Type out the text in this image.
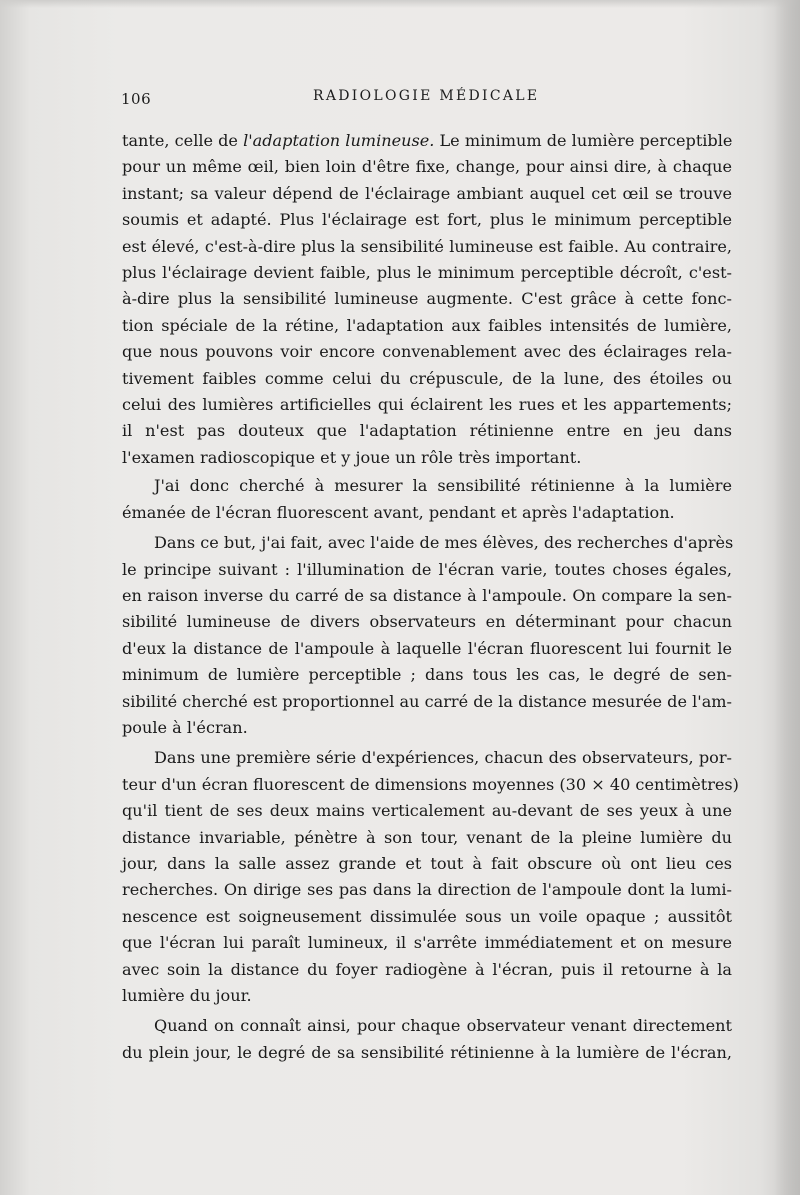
106	RADIOLOGIE MÉDICALE

tante, celle de l'adaptation lumineuse. Le minimum de lumière perceptible
pour un même œil, bien loin d'être fixe, change, pour ainsi dire, à chaque
instant; sa valeur dépend de l'éclairage ambiant auquel cet œil se trouve
soumis et adapté. Plus l'éclairage est fort, plus le minimum perceptible
est élevé, c'est-à-dire plus la sensibilité lumineuse est faible. Au contraire,
plus l'éclairage devient faible, plus le minimum perceptible décroît, c'est-
à-dire plus la sensibilité lumineuse augmente. C'est grâce à cette fonc-
tion spéciale de la rétine, l'adaptation aux faibles intensités de lumière,
que nous pouvons voir encore convenablement avec des éclairages rela-
tivement faibles comme celui du crépuscule, de la lune, des étoiles ou
celui des lumières artificielles qui éclairent les rues et les appartements;
il n'est pas douteux que l'adaptation rétinienne entre en jeu dans
l'examen radioscopique et y joue un rôle très important.

J'ai donc cherché à mesurer la sensibilité rétinienne à la lumière
émanée de l'écran fluorescent avant, pendant et après l'adaptation.

Dans ce but, j'ai fait, avec l'aide de mes élèves, des recherches d'après
le principe suivant : l'illumination de l'écran varie, toutes choses égales,
en raison inverse du carré de sa distance à l'ampoule. On compare la sen-
sibilité lumineuse de divers observateurs en déterminant pour chacun
d'eux la distance de l'ampoule à laquelle l'écran fluorescent lui fournit le
minimum de lumière perceptible ; dans tous les cas, le degré de sen-
sibilité cherché est proportionnel au carré de la distance mesurée de l'am-
poule à l'écran.

Dans une première série d'expériences, chacun des observateurs, por-
teur d'un écran fluorescent de dimensions moyennes (30 × 40 centimètres)
qu'il tient de ses deux mains verticalement au-devant de ses yeux à une
distance invariable, pénètre à son tour, venant de la pleine lumière du
jour, dans la salle assez grande et tout à fait obscure où ont lieu ces
recherches. On dirige ses pas dans la direction de l'ampoule dont la lumi-
nescence est soigneusement dissimulée sous un voile opaque ; aussitôt
que l'écran lui paraît lumineux, il s'arrête immédiatement et on mesure
avec soin la distance du foyer radiogène à l'écran, puis il retourne à la
lumière du jour.

Quand on connaît ainsi, pour chaque observateur venant directement
du plein jour, le degré de sa sensibilité rétinienne à la lumière de l'écran,
